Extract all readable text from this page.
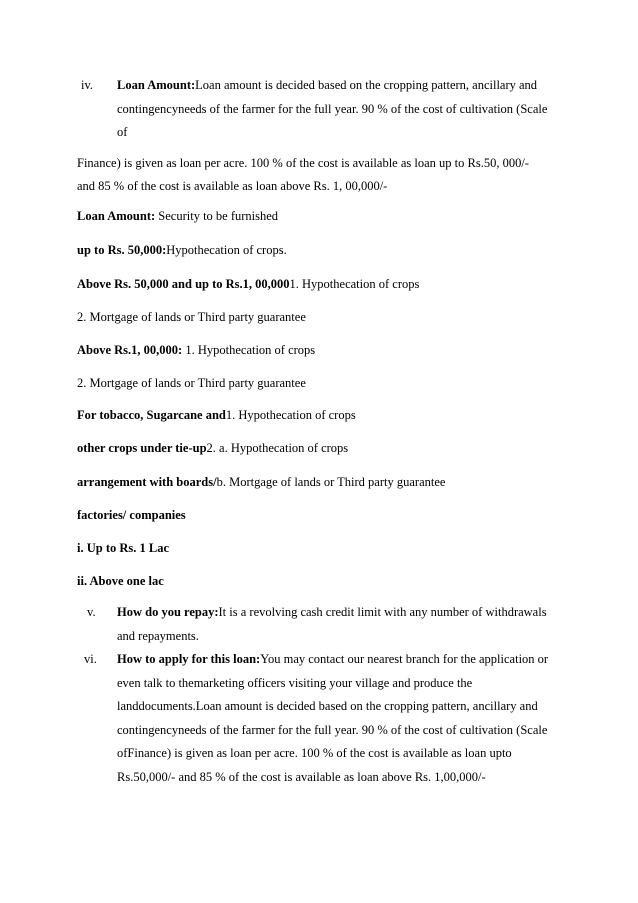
iv. Loan Amount:Loan amount is decided based on the cropping pattern, ancillary and
contingencyneeds of the farmer for the full year. 90 % of the cost of cultivation (Scale
of
Finance) is given as loan per acre. 100 % of the cost is available as loan up to Rs.50, 000/-
and 85 % of the cost is available as loan above Rs. 1, 00,000/-
Loan Amount: Security to be furnished
up to Rs. 50,000:Hypothecation of crops.
Above Rs. 50,000 and up to Rs.1, 00,0001. Hypothecation of crops
2. Mortgage of lands or Third party guarantee
Above Rs.1, 00,000: 1. Hypothecation of crops
2. Mortgage of lands or Third party guarantee
For tobacco, Sugarcane and1. Hypothecation of crops
other crops under tie-up2. a. Hypothecation of crops
arrangement with boards/b. Mortgage of lands or Third party guarantee
factories/ companies
i. Up to Rs. 1 Lac
ii. Above one lac
v. How do you repay:It is a revolving cash credit limit with any number of withdrawals
and repayments.
vi. How to apply for this loan:You may contact our nearest branch for the application or
even talk to themarketing officers visiting your village and produce the
landdocuments.Loan amount is decided based on the cropping pattern, ancillary and
contingencyneeds of the farmer for the full year. 90 % of the cost of cultivation (Scale
ofFinance) is given as loan per acre. 100 % of the cost is available as loan upto
Rs.50,000/- and 85 % of the cost is available as loan above Rs. 1,00,000/-
